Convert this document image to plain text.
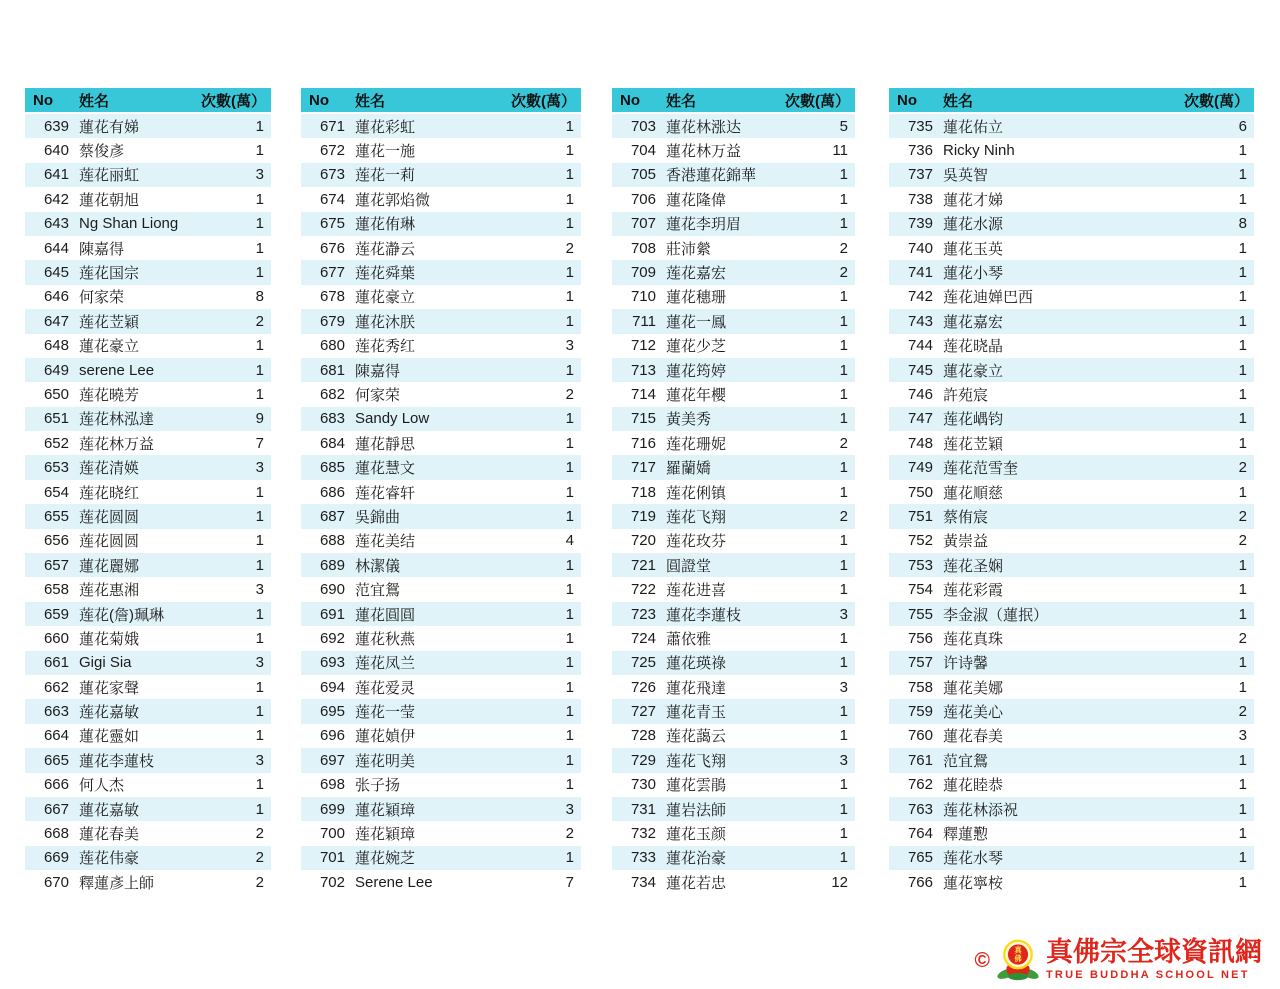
No	姓名	次數(萬）
639 蓮花有娣	1
640 蔡俊彥	1
641 莲花丽虹	3
642 蓮花朝旭	1
643 Ng Shan Liong	1
644 陳嘉得	1
645 莲花国宗	1
646 何家荣	8
647 莲花苙穎	2
648 蓮花豪立	1
649 serene Lee	1
650 莲花曉芳	1
651 莲花林泓達	9
652 莲花林万益	7
653 莲花清媖	3
654 莲花晓红	1
655 莲花圆圆	1
656 莲花圆圆	1
657 蓮花麗娜	1
658 莲花惠湘	3
659 莲花(詹)珮琳	1
660 蓮花菊娥	1
661 Gigi Sia	3
662 蓮花家聲	1
663 莲花嘉敏	1
664 蓮花靈如	1
665 蓮花李蓮枝	3
666 何人杰	1
667 蓮花嘉敏	1
668 蓮花春美	2
669 莲花伟豪	2
670 釋蓮彥上師	2
No	姓名	次數(萬）
671 蓮花彩虹	1
672 蓮花一施	1
673 莲花一莉	1
674 蓮花郭焰微	1
675 蓮花侑琳	1
676 莲花瀞云	2
677 莲花舜葉	1
678 蓮花豪立	1
679 蓮花沐朕	1
680 莲花秀红	3
681 陳嘉得	1
682 何家荣	2
683 Sandy Low	1
684 蓮花靜思	1
685 蓮花慧文	1
686 莲花睿轩	1
687 吳錦曲	1
688 莲花美结	4
689 林潔儀	1
690 范宜鴛	1
691 蓮花圓圓	1
692 蓮花秋燕	1
693 莲花凤兰	1
694 莲花爱灵	1
695 莲花一莹	1
696 蓮花媜伊	1
697 莲花明美	1
698 张子扬	1
699 蓮花穎璋	3
700 莲花穎璋	2
701 蓮花婉芝	1
702 Serene Lee	7
No	姓名	次數(萬）
703 蓮花林涨达	5
704 蓮花林万益	11
705 香港蓮花錦華	1
706 蓮花隆偉	1
707 蓮花李玥眉	1
708 莊沛縈	2
709 莲花嘉宏	2
710 蓮花穗珊	1
711 蓮花一鳳	1
712 蓮花少芝	1
713 蓮花筠婷	1
714 蓮花年櫻	1
715 黃美秀	1
716 莲花珊妮	2
717 羅蘭嬌	1
718 莲花俐镇	1
719 莲花飞翔	2
720 莲花玫芬	1
721 圓證堂	1
722 莲花进喜	1
723 蓮花李蓮枝	3
724 蕭依雅	1
725 蓮花瑛祿	1
726 蓮花飛達	3
727 蓮花青玉	1
728 莲花藹云	1
729 莲花飞翔	3
730 蓮花雲鵑	1
731 蓮岩法師	1
732 蓮花玉颜	1
733 蓮花治豪	1
734 蓮花若忠	12
No	姓名	次數(萬）
735 蓮花佑立	6
736 Ricky Ninh	1
737 吳英智	1
738 蓮花才娣	1
739 蓮花水源	8
740 蓮花玉英	1
741 蓮花小琴	1
742 莲花迪婵巴西	1
743 蓮花嘉宏	1
744 莲花晓晶	1
745 蓮花豪立	1
746 許苑宸	1
747 莲花嵎钧	1
748 莲花苙穎	1
749 莲花范雪奎	2
750 蓮花順慈	1
751 蔡侑宸	2
752 黃崇益	2
753 莲花圣娴	1
754 莲花彩霞	1
755 李金淑（蓮抿）	1
756 莲花真珠	2
757 许诗馨	1
758 蓮花美娜	1
759 莲花美心	2
760 蓮花春美	3
761 范宜鴛	1
762 蓮花睦恭	1
763 莲花林添祝	1
764 釋蓮懃	1
765 莲花水琴	1
766 蓮花寧桉	1
©	真
佛 真佛宗全球資訊網
TRUE BUDDHA SCHOOL NET
